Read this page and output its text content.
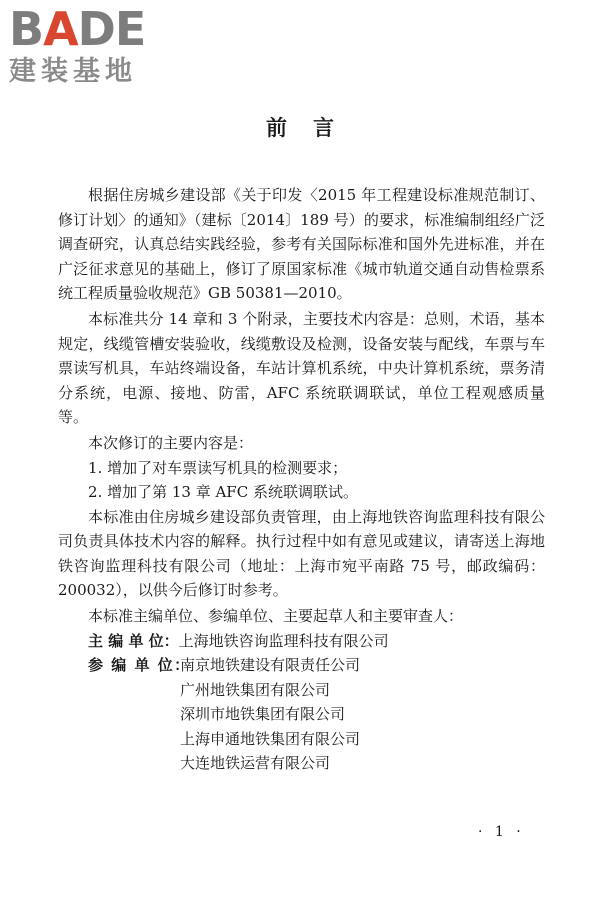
BADE
建装基地
前言

根据住房城乡建设部《关于印发〈2015 年工程建设标准规范制订、修订计划〉的通知》（建标〔2014〕189 号）的要求，标准编制组经广泛调查研究，认真总结实践经验，参考有关国际标准和国外先进标准，并在广泛征求意见的基础上，修订了原国家标准《城市轨道交通自动售检票系统工程质量验收规范》GB 50381—2010。

本标准共分 14 章和 3 个附录，主要技术内容是：总则，术语，基本规定，线缆管槽安装验收，线缆敷设及检测，设备安装与配线，车票与车票读写机具，车站终端设备，车站计算机系统，中央计算机系统，票务清分系统，电源、接地、防雷，AFC 系统联调联试，单位工程观感质量等。

本次修订的主要内容是：

1. 增加了对车票读写机具的检测要求；

2. 增加了第 13 章 AFC 系统联调联试。

本标准由住房城乡建设部负责管理，由上海地铁咨询监理科技有限公司负责具体技术内容的解释。执行过程中如有意见或建议，请寄送上海地铁咨询监理科技有限公司（地址：上海市宛平南路 75 号，邮政编码：200032），以供今后修订时参考。

本标准主编单位、参编单位、主要起草人和主要审查人：

主 编 单 位： 上海地铁咨询监理科技有限公司
参 编 单 位：
南京地铁建设有限责任公司
广州地铁集团有限公司
深圳市地铁集团有限公司
上海申通地铁集团有限公司
大连地铁运营有限公司
· 1 ·
